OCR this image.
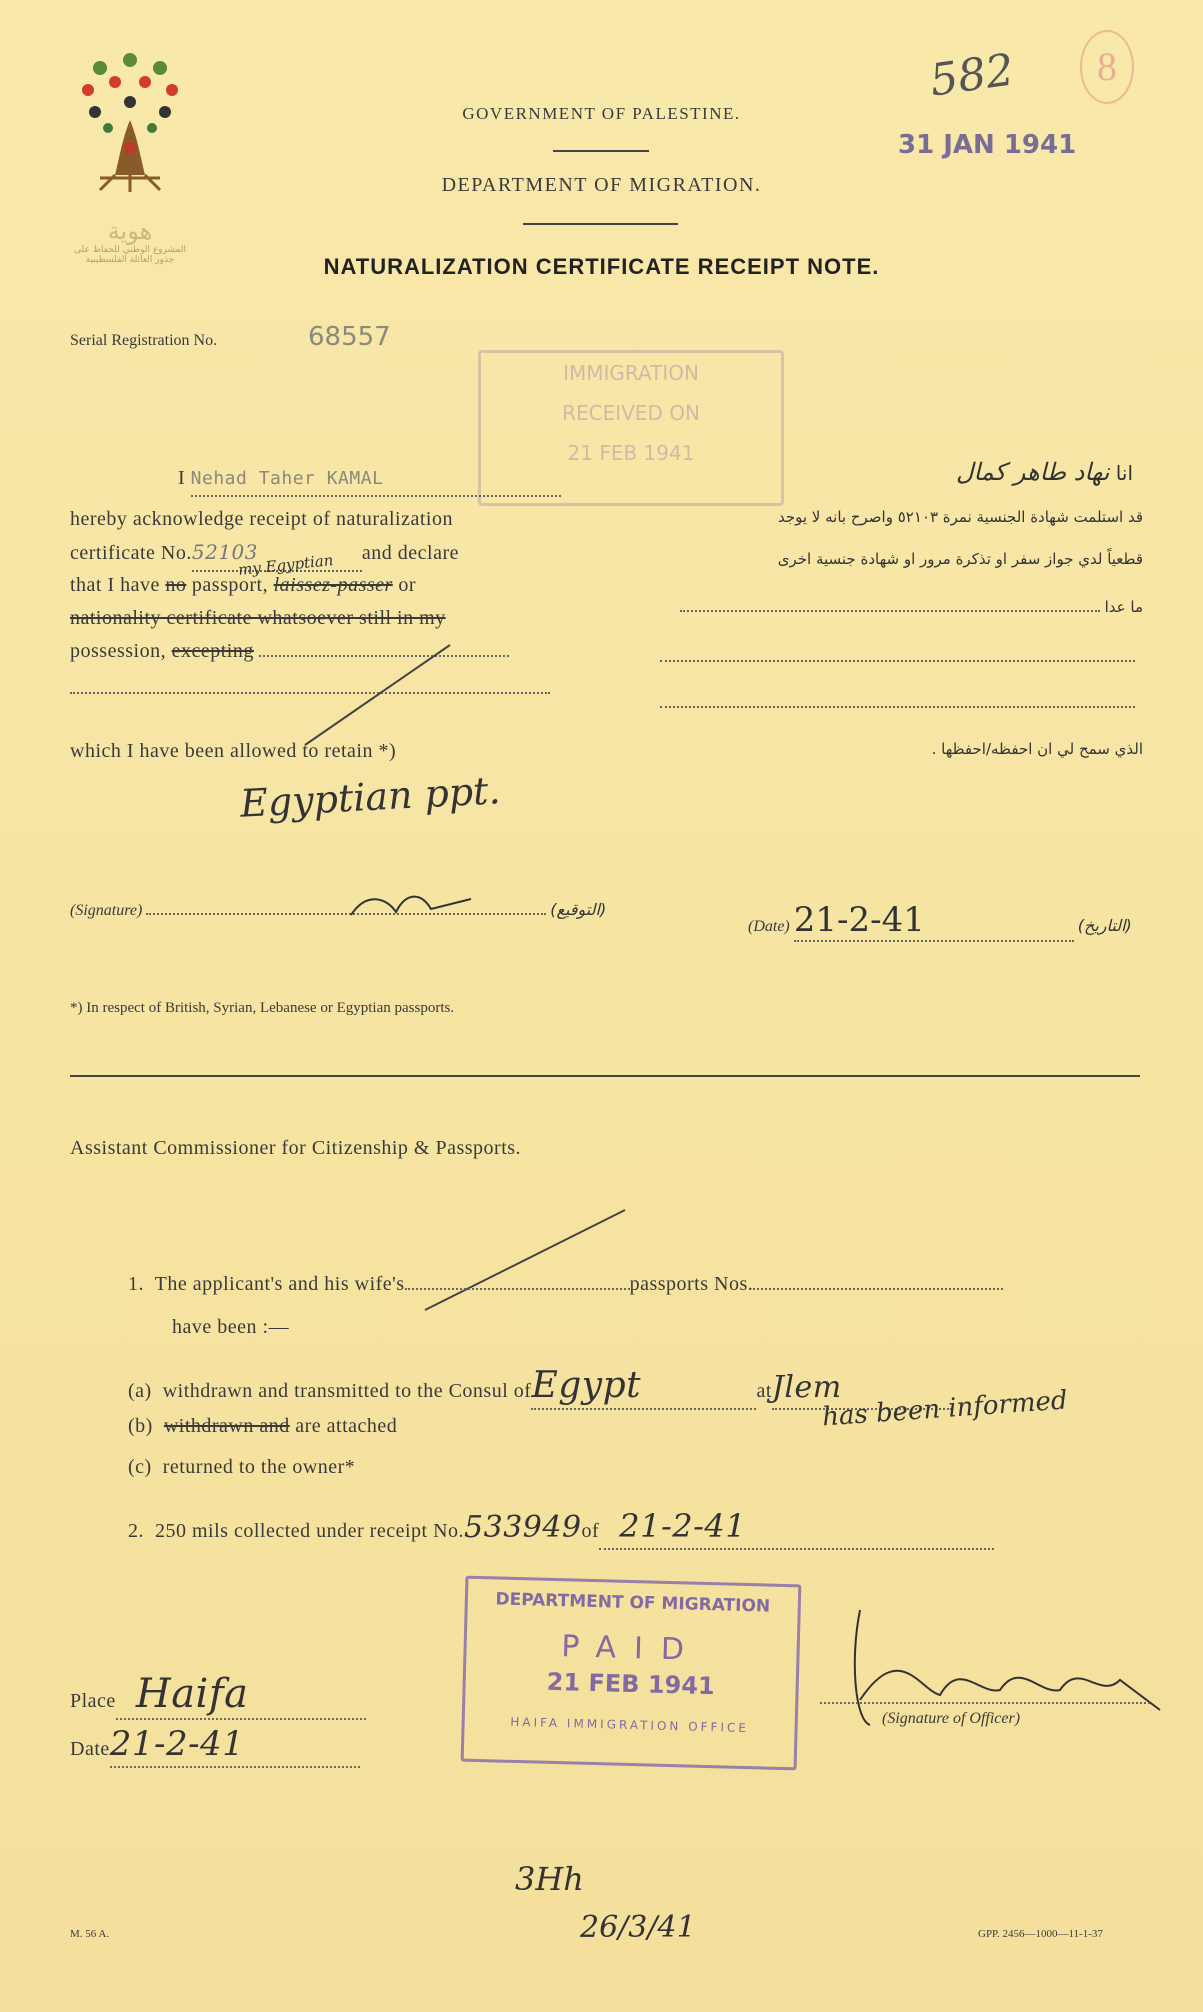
هوية
المشروع الوطني للحفاظ على
جذور العائلة الفلسطينية
582	8
31 JAN 1941
GOVERNMENT OF PALESTINE.
DEPARTMENT OF MIGRATION.
NATURALIZATION CERTIFICATE RECEIPT NOTE.
Serial Registration No.	68557
IMMIGRATION
RECEIVED ON
21 FEB 1941
I Nehad Taher KAMAL
hereby acknowledge receipt of naturalization
certificate No.52103	and declare
that I have no passport, laissez-passer or
my Egyptian
nationality certificate whatsoever still in my
possession, excepting
which I have been allowed to retain *)
Egyptian ppt.
انا نهاد طاهر كمال
قد استلمت شهادة الجنسية نمرة ٥٢١٠٣ واصرح بانه لا يوجد
قطعياً لدي جواز سفر او تذكرة مرور او شهادة جنسية اخرى
ما عدا
الذي سمح لي ان احفظه/احفظها .
(Signature)	(التوقيع)
(Date) 21-2-41	(التاريخ)
*) In respect of British, Syrian, Lebanese or Egyptian passports.
Assistant Commissioner for Citizenship & Passports.
1. The applicant's and his wife's	passports Nos.
have been :—
(a) withdrawn and transmitted to the Consul ofEgypt	atJlem
has been informed
(b) withdrawn and are attached
(c) returned to the owner*
2. 250 mils collected under receipt No.533949of 21-2-41
Place Haifa
Date21-2-41
DEPARTMENT OF MIGRATION
PAID
21 FEB 1941
HAIFA IMMIGRATION OFFICE	(Signature of Officer)
3Hh
26/3/41
M. 56 A.	GPP. 2456—1000—11-1-37
